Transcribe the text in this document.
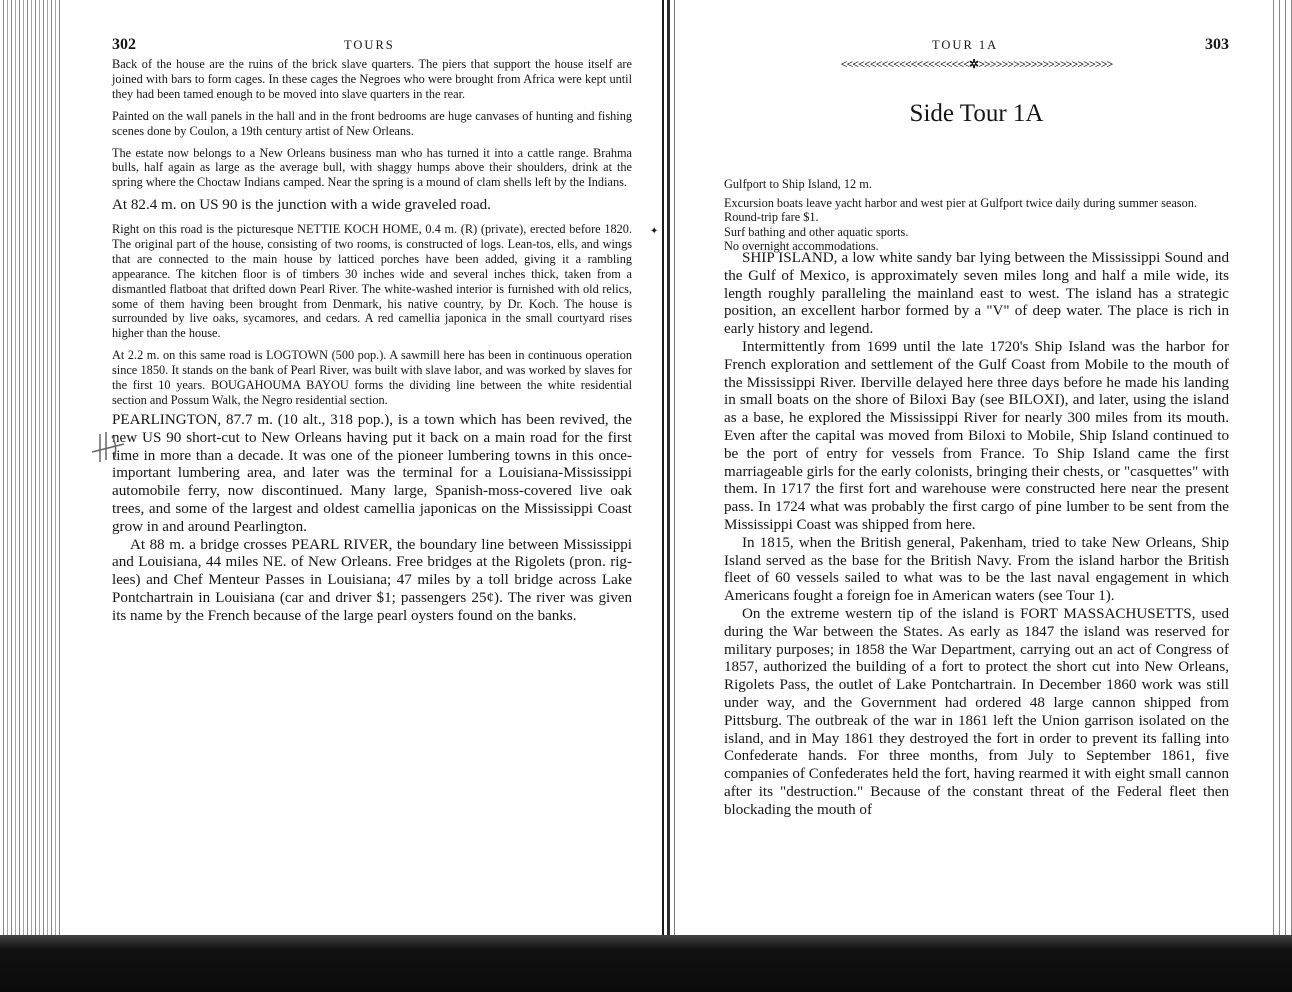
302	TOURS

Back of the house are the ruins of the brick slave quarters. The piers that support the house itself are joined with bars to form cages. In these cages the Negroes who were brought from Africa were kept until they had been tamed enough to be moved into slave quarters in the rear.

Painted on the wall panels in the hall and in the front bedrooms are huge canvases of hunting and fishing scenes done by Coulon, a 19th century artist of New Orleans.

The estate now belongs to a New Orleans business man who has turned it into a cattle range. Brahma bulls, half again as large as the average bull, with shaggy humps above their shoulders, drink at the spring where the Choctaw Indians camped. Near the spring is a mound of clam shells left by the Indians.

At 82.4 m. on US 90 is the junction with a wide graveled road.

Right on this road is the picturesque NETTIE KOCH HOME, 0.4 m. (R) (private), erected before 1820. The original part of the house, consisting of two rooms, is constructed of logs. Lean-tos, ells, and wings that are connected to the main house by latticed porches have been added, giving it a rambling appearance. The kitchen floor is of timbers 30 inches wide and several inches thick, taken from a dismantled flatboat that drifted down Pearl River. The white-washed interior is furnished with old relics, some of them having been brought from Denmark, his native country, by Dr. Koch. The house is surrounded by live oaks, sycamores, and cedars. A red camellia japonica in the small courtyard rises higher than the house.

At 2.2 m. on this same road is LOGTOWN (500 pop.). A sawmill here has been in continuous operation since 1850. It stands on the bank of Pearl River, was built with slave labor, and was worked by slaves for the first 10 years. BOUGAHOUMA BAYOU forms the dividing line between the white residential section and Possum Walk, the Negro residential section.

PEARLINGTON, 87.7 m. (10 alt., 318 pop.), is a town which has been revived, the new US 90 short-cut to New Orleans having put it back on a main road for the first time in more than a decade. It was one of the pioneer lumbering towns in this once-important lumbering area, and later was the terminal for a Louisiana-Mississippi automobile ferry, now discontinued. Many large, Spanish-moss-covered live oak trees, and some of the largest and oldest camellia japonicas on the Mississippi Coast grow in and around Pearlington.

At 88 m. a bridge crosses PEARL RIVER, the boundary line between Mississippi and Louisiana, 44 miles NE. of New Orleans. Free bridges at the Rigolets (pron. rig-lees) and Chef Menteur Passes in Louisiana; 47 miles by a toll bridge across Lake Pontchartrain in Louisiana (car and driver $1; passengers 25¢). The river was given its name by the French because of the large pearl oysters found on the banks.

✦
<<<<<<<<<<<<<<<<<<<<<<✲>>>>>>>>>>>>>>>>>>>>>>>
TOUR 1A	303
Side Tour 1A

Gulfport to Ship Island, 12 m.

Excursion boats leave yacht harbor and west pier at Gulfport twice daily during summer season. Round-trip fare $1.

Surf bathing and other aquatic sports.

No overnight accommodations.

SHIP ISLAND, a low white sandy bar lying between the Mississippi Sound and the Gulf of Mexico, is approximately seven miles long and half a mile wide, its length roughly paralleling the mainland east to west. The island has a strategic position, an excellent harbor formed by a "V" of deep water. The place is rich in early history and legend.

Intermittently from 1699 until the late 1720's Ship Island was the harbor for French exploration and settlement of the Gulf Coast from Mobile to the mouth of the Mississippi River. Iberville delayed here three days before he made his landing in small boats on the shore of Biloxi Bay (see BILOXI), and later, using the island as a base, he explored the Mississippi River for nearly 300 miles from its mouth. Even after the capital was moved from Biloxi to Mobile, Ship Island continued to be the port of entry for vessels from France. To Ship Island came the first marriageable girls for the early colonists, bringing their chests, or "casquettes" with them. In 1717 the first fort and warehouse were constructed here near the present pass. In 1724 what was probably the first cargo of pine lumber to be sent from the Mississippi Coast was shipped from here.

In 1815, when the British general, Pakenham, tried to take New Orleans, Ship Island served as the base for the British Navy. From the island harbor the British fleet of 60 vessels sailed to what was to be the last naval engagement in which Americans fought a foreign foe in American waters (see Tour 1).

On the extreme western tip of the island is FORT MASSACHUSETTS, used during the War between the States. As early as 1847 the island was reserved for military purposes; in 1858 the War Department, carrying out an act of Congress of 1857, authorized the building of a fort to protect the short cut into New Orleans, Rigolets Pass, the outlet of Lake Pontchartrain. In December 1860 work was still under way, and the Government had ordered 48 large cannon shipped from Pittsburg. The outbreak of the war in 1861 left the Union garrison isolated on the island, and in May 1861 they destroyed the fort in order to prevent its falling into Confederate hands. For three months, from July to September 1861, five companies of Confederates held the fort, having rearmed it with eight small cannon after its "destruction." Because of the constant threat of the Federal fleet then blockading the mouth of
